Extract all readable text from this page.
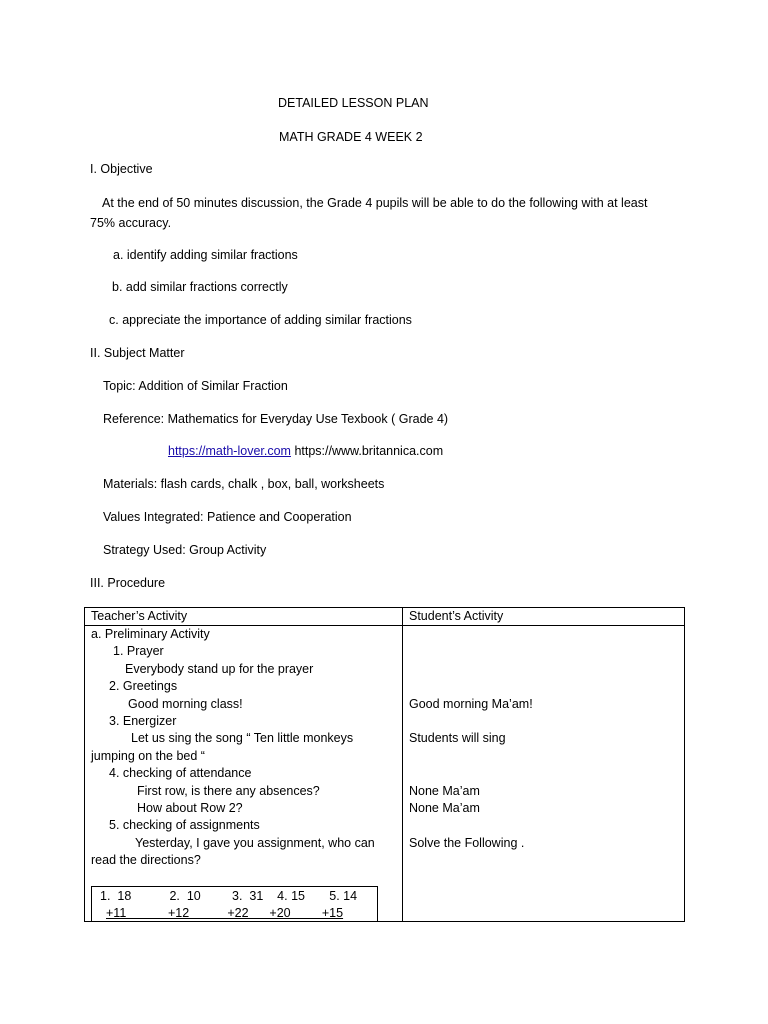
DETAILED LESSON PLAN
MATH GRADE 4 WEEK 2
I. Objective
At the end of 50 minutes discussion, the Grade 4 pupils will be able to do the following with at least 75% accuracy.
a. identify adding similar fractions
b. add similar fractions correctly
c. appreciate the importance of adding similar fractions
II. Subject Matter
Topic: Addition of Similar Fraction
Reference: Mathematics for Everyday Use Texbook ( Grade 4)
https://math-lover.com https://www.britannica.com
Materials: flash cards, chalk , box, ball, worksheets
Values Integrated: Patience and Cooperation
Strategy Used: Group Activity
III. Procedure
Teacher’s Activity	Student’s Activity
a. Preliminary Activity
1. Prayer
Everybody stand up for the prayer
2. Greetings
Good morning class!
3. Energizer
Let us sing the song “ Ten little monkeys
jumping on the bed “
4. checking of attendance
First row, is there any absences?
How about Row 2?
5. checking of assignments
Yesterday, I gave you assignment, who can
read the directions?
Good morning Ma’am!
Students will sing
None Ma’am
None Ma’am
Solve the Following .
1.  18           2.  10         3.  31    4. 15       5. 14
+11            +12           +22      +20         +15
